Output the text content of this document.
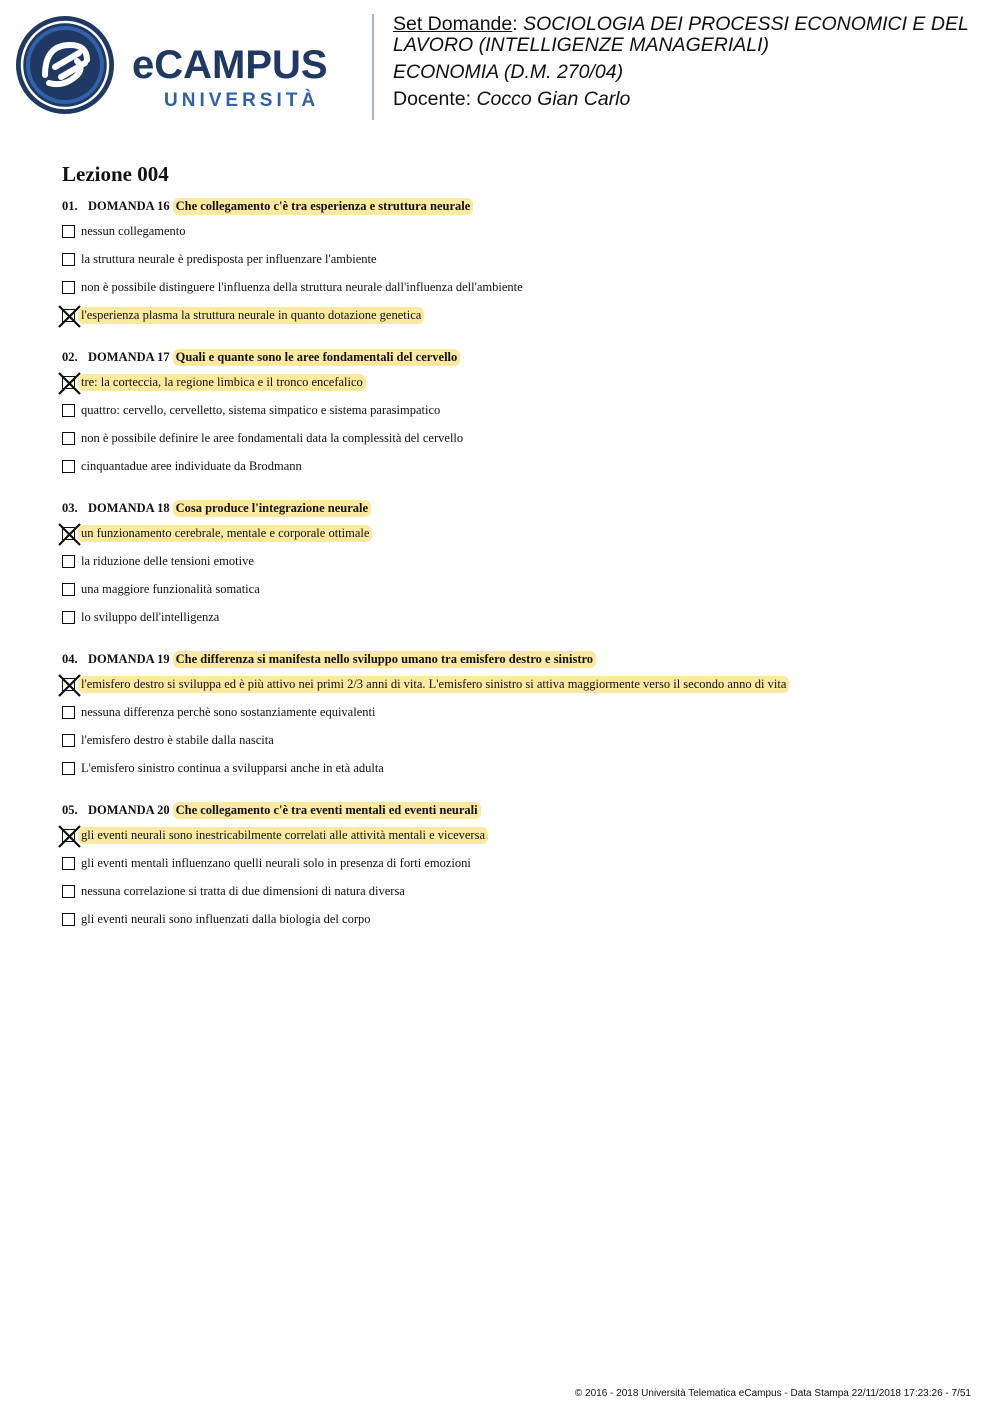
eCAMPUS
UNIVERSITÀ
Set Domande: SOCIOLOGIA DEI PROCESSI ECONOMICI E DEL
LAVORO (INTELLIGENZE MANAGERIALI)
ECONOMIA (D.M. 270/04)
Docente: Cocco Gian Carlo
Lezione 004
01. DOMANDA 16 Che collegamento c'è tra esperienza e struttura neurale
nessun collegamento
la struttura neurale è predisposta per influenzare l'ambiente
non è possibile distinguere l'influenza della struttura neurale dall'influenza dell'ambiente
l'esperienza plasma la struttura neurale in quanto dotazione genetica
02. DOMANDA 17 Quali e quante sono le aree fondamentali del cervello
tre: la corteccia, la regione limbica e il tronco encefalico
quattro: cervello, cervelletto, sistema simpatico e sistema parasimpatico
non è possibile definire le aree fondamentali data la complessità del cervello
cinquantadue aree individuate da Brodmann
03. DOMANDA 18 Cosa produce l'integrazione neurale
un funzionamento cerebrale, mentale e corporale ottimale
la riduzione delle tensioni emotive
una maggiore funzionalità somatica
lo sviluppo dell'intelligenza
04. DOMANDA 19 Che differenza si manifesta nello sviluppo umano tra emisfero destro e sinistro
l'emisfero destro si sviluppa ed è più attivo nei primi 2/3 anni di vita. L'emisfero sinistro si attiva maggiormente verso il secondo anno di vita
nessuna differenza perchè sono sostanziamente equivalenti
l'emisfero destro è stabile dalla nascita
L'emisfero sinistro continua a svilupparsi anche in età adulta
05. DOMANDA 20 Che collegamento c'è tra eventi mentali ed eventi neurali
gli eventi neurali sono inestricabilmente correlati alle attività mentali e viceversa
gli eventi mentali influenzano quelli neurali solo in presenza di forti emozioni
nessuna correlazione si tratta di due dimensioni di natura diversa
gli eventi neurali sono influenzati dalla biologia del corpo
© 2016 - 2018 Università Telematica eCampus - Data Stampa 22/11/2018 17:23:26 - 7/51
